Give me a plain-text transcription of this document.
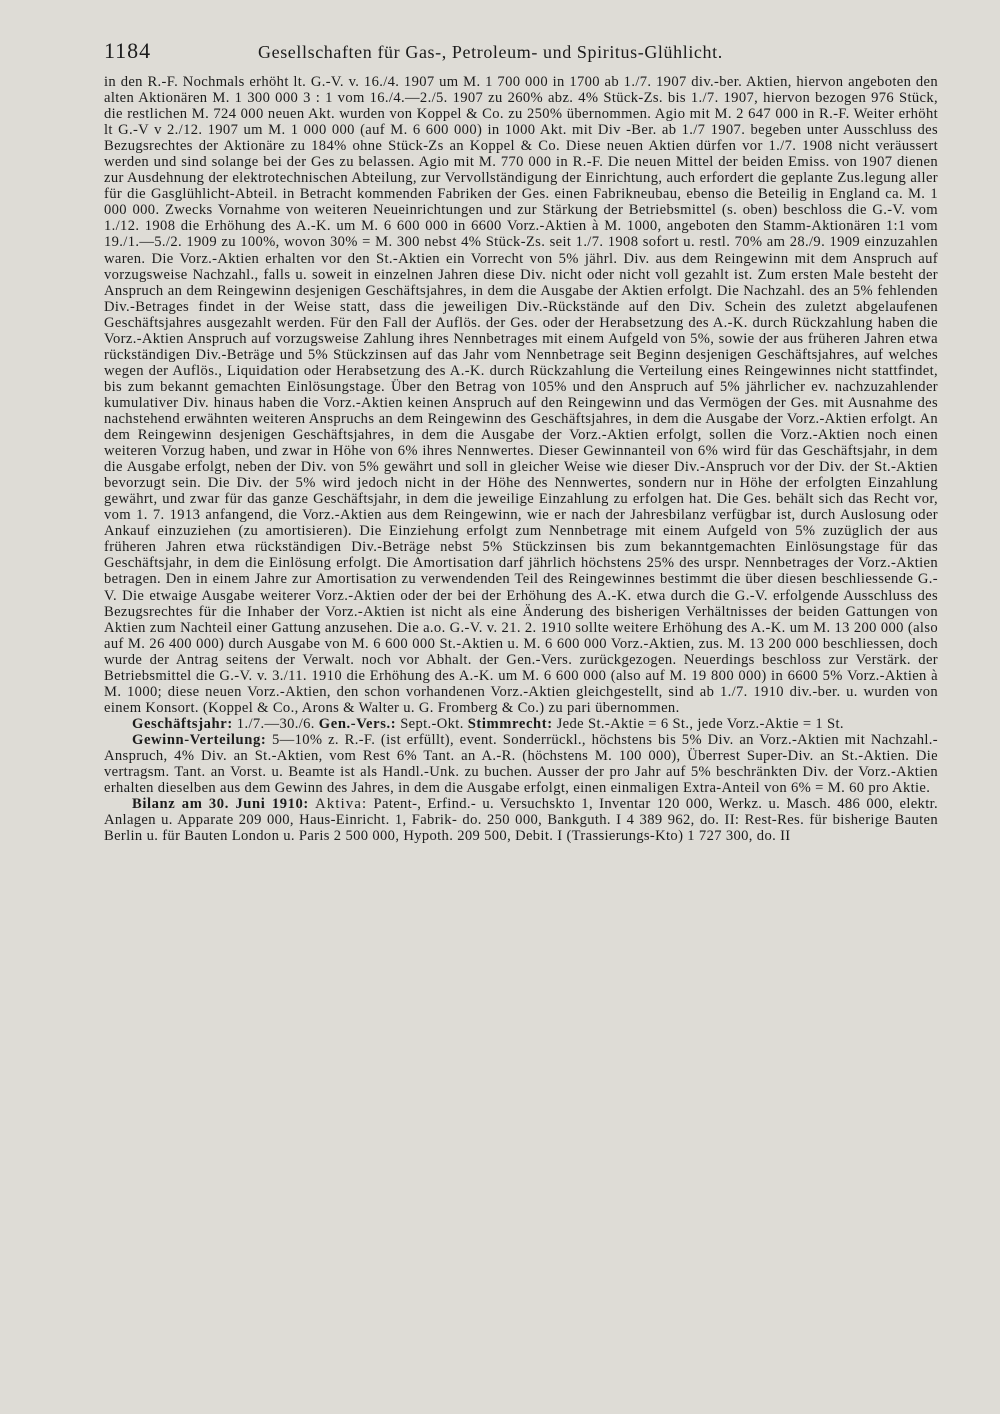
1184	Gesellschaften für Gas-, Petroleum- und Spiritus-Glühlicht.

in den R.-F. Nochmals erhöht lt. G.-V. v. 16./4. 1907 um M. 1 700 000 in 1700 ab 1./7. 1907 div.-ber. Aktien, hiervon angeboten den alten Aktionären M. 1 300 000 3 : 1 vom 16./4.—2./5. 1907 zu 260% abz. 4% Stück-Zs. bis 1./7. 1907, hiervon bezogen 976 Stück, die restlichen M. 724 000 neuen Akt. wurden von Koppel & Co. zu 250% übernommen. Agio mit M. 2 647 000 in R.-F. Weiter erhöht lt G.-V v 2./12. 1907 um M. 1 000 000 (auf M. 6 600 000) in 1000 Akt. mit Div -Ber. ab 1./7 1907. begeben unter Ausschluss des Bezugsrechtes der Aktionäre zu 184% ohne Stück-Zs an Koppel & Co. Diese neuen Aktien dürfen vor 1./7. 1908 nicht veräussert werden und sind solange bei der Ges zu belassen. Agio mit M. 770 000 in R.-F. Die neuen Mittel der beiden Emiss. von 1907 dienen zur Ausdehnung der elektrotechnischen Abteilung, zur Vervollständigung der Einrichtung, auch erfordert die geplante Zus.legung aller für die Gasglühlicht-Abteil. in Betracht kommenden Fabriken der Ges. einen Fabrikneubau, ebenso die Beteilig in England ca. M. 1 000 000. Zwecks Vornahme von weiteren Neueinrichtungen und zur Stärkung der Betriebsmittel (s. oben) beschloss die G.-V. vom 1./12. 1908 die Erhöhung des A.-K. um M. 6 600 000 in 6600 Vorz.-Aktien à M. 1000, angeboten den Stamm-Aktionären 1:1 vom 19./1.—5./2. 1909 zu 100%, wovon 30% = M. 300 nebst 4% Stück-Zs. seit 1./7. 1908 sofort u. restl. 70% am 28./9. 1909 einzuzahlen waren. Die Vorz.-Aktien erhalten vor den St.-Aktien ein Vorrecht von 5% jährl. Div. aus dem Reingewinn mit dem Anspruch auf vorzugsweise Nachzahl., falls u. soweit in einzelnen Jahren diese Div. nicht oder nicht voll gezahlt ist. Zum ersten Male besteht der Anspruch an dem Reingewinn desjenigen Geschäftsjahres, in dem die Ausgabe der Aktien erfolgt. Die Nachzahl. des an 5% fehlenden Div.-Betrages findet in der Weise statt, dass die jeweiligen Div.-Rückstände auf den Div. Schein des zuletzt abgelaufenen Geschäftsjahres ausgezahlt werden. Für den Fall der Auflös. der Ges. oder der Herabsetzung des A.-K. durch Rückzahlung haben die Vorz.-Aktien Anspruch auf vorzugsweise Zahlung ihres Nennbetrages mit einem Aufgeld von 5%, sowie der aus früheren Jahren etwa rückständigen Div.-Beträge und 5% Stückzinsen auf das Jahr vom Nennbetrage seit Beginn desjenigen Geschäftsjahres, auf welches wegen der Auflös., Liquidation oder Herabsetzung des A.-K. durch Rückzahlung die Verteilung eines Reingewinnes nicht stattfindet, bis zum bekannt gemachten Einlösungstage. Über den Betrag von 105% und den Anspruch auf 5% jährlicher ev. nachzuzahlender kumulativer Div. hinaus haben die Vorz.-Aktien keinen Anspruch auf den Reingewinn und das Vermögen der Ges. mit Ausnahme des nachstehend erwähnten weiteren Anspruchs an dem Reingewinn des Geschäftsjahres, in dem die Ausgabe der Vorz.-Aktien erfolgt. An dem Reingewinn desjenigen Geschäftsjahres, in dem die Ausgabe der Vorz.-Aktien erfolgt, sollen die Vorz.-Aktien noch einen weiteren Vorzug haben, und zwar in Höhe von 6% ihres Nennwertes. Dieser Gewinnanteil von 6% wird für das Geschäftsjahr, in dem die Ausgabe erfolgt, neben der Div. von 5% gewährt und soll in gleicher Weise wie dieser Div.-Anspruch vor der Div. der St.-Aktien bevorzugt sein. Die Div. der 5% wird jedoch nicht in der Höhe des Nennwertes, sondern nur in Höhe der erfolgten Einzahlung gewährt, und zwar für das ganze Geschäftsjahr, in dem die jeweilige Einzahlung zu erfolgen hat. Die Ges. behält sich das Recht vor, vom 1. 7. 1913 anfangend, die Vorz.-Aktien aus dem Reingewinn, wie er nach der Jahresbilanz verfügbar ist, durch Auslosung oder Ankauf einzuziehen (zu amortisieren). Die Einziehung erfolgt zum Nennbetrage mit einem Aufgeld von 5% zuzüglich der aus früheren Jahren etwa rückständigen Div.-Beträge nebst 5% Stückzinsen bis zum bekanntgemachten Einlösungstage für das Geschäftsjahr, in dem die Einlösung erfolgt. Die Amortisation darf jährlich höchstens 25% des urspr. Nennbetrages der Vorz.-Aktien betragen. Den in einem Jahre zur Amortisation zu verwendenden Teil des Reingewinnes bestimmt die über diesen beschliessende G.-V. Die etwaige Ausgabe weiterer Vorz.-Aktien oder der bei der Erhöhung des A.-K. etwa durch die G.-V. erfolgende Ausschluss des Bezugsrechtes für die Inhaber der Vorz.-Aktien ist nicht als eine Änderung des bisherigen Verhältnisses der beiden Gattungen von Aktien zum Nachteil einer Gattung anzusehen. Die a.o. G.-V. v. 21. 2. 1910 sollte weitere Erhöhung des A.-K. um M. 13 200 000 (also auf M. 26 400 000) durch Ausgabe von M. 6 600 000 St.-Aktien u. M. 6 600 000 Vorz.-Aktien, zus. M. 13 200 000 beschliessen, doch wurde der Antrag seitens der Verwalt. noch vor Abhalt. der Gen.-Vers. zurückgezogen. Neuerdings beschloss zur Verstärk. der Betriebsmittel die G.-V. v. 3./11. 1910 die Erhöhung des A.-K. um M. 6 600 000 (also auf M. 19 800 000) in 6600 5% Vorz.-Aktien à M. 1000; diese neuen Vorz.-Aktien, den schon vorhandenen Vorz.-Aktien gleichgestellt, sind ab 1./7. 1910 div.-ber. u. wurden von einem Konsort. (Koppel & Co., Arons & Walter u. G. Fromberg & Co.) zu pari übernommen.

Geschäftsjahr: 1./7.—30./6. Gen.-Vers.: Sept.-Okt. Stimmrecht: Jede St.-Aktie = 6 St., jede Vorz.-Aktie = 1 St.

Gewinn-Verteilung: 5—10% z. R.-F. (ist erfüllt), event. Sonderrückl., höchstens bis 5% Div. an Vorz.-Aktien mit Nachzahl.-Anspruch, 4% Div. an St.-Aktien, vom Rest 6% Tant. an A.-R. (höchstens M. 100 000), Überrest Super-Div. an St.-Aktien. Die vertragsm. Tant. an Vorst. u. Beamte ist als Handl.-Unk. zu buchen. Ausser der pro Jahr auf 5% beschränkten Div. der Vorz.-Aktien erhalten dieselben aus dem Gewinn des Jahres, in dem die Ausgabe erfolgt, einen einmaligen Extra-Anteil von 6% = M. 60 pro Aktie.

Bilanz am 30. Juni 1910: Aktiva: Patent-, Erfind.- u. Versuchskto 1, Inventar 120 000, Werkz. u. Masch. 486 000, elektr. Anlagen u. Apparate 209 000, Haus-Einricht. 1, Fabrik- do. 250 000, Bankguth. I 4 389 962, do. II: Rest-Res. für bisherige Bauten Berlin u. für Bauten London u. Paris 2 500 000, Hypoth. 209 500, Debit. I (Trassierungs-Kto) 1 727 300, do. II
